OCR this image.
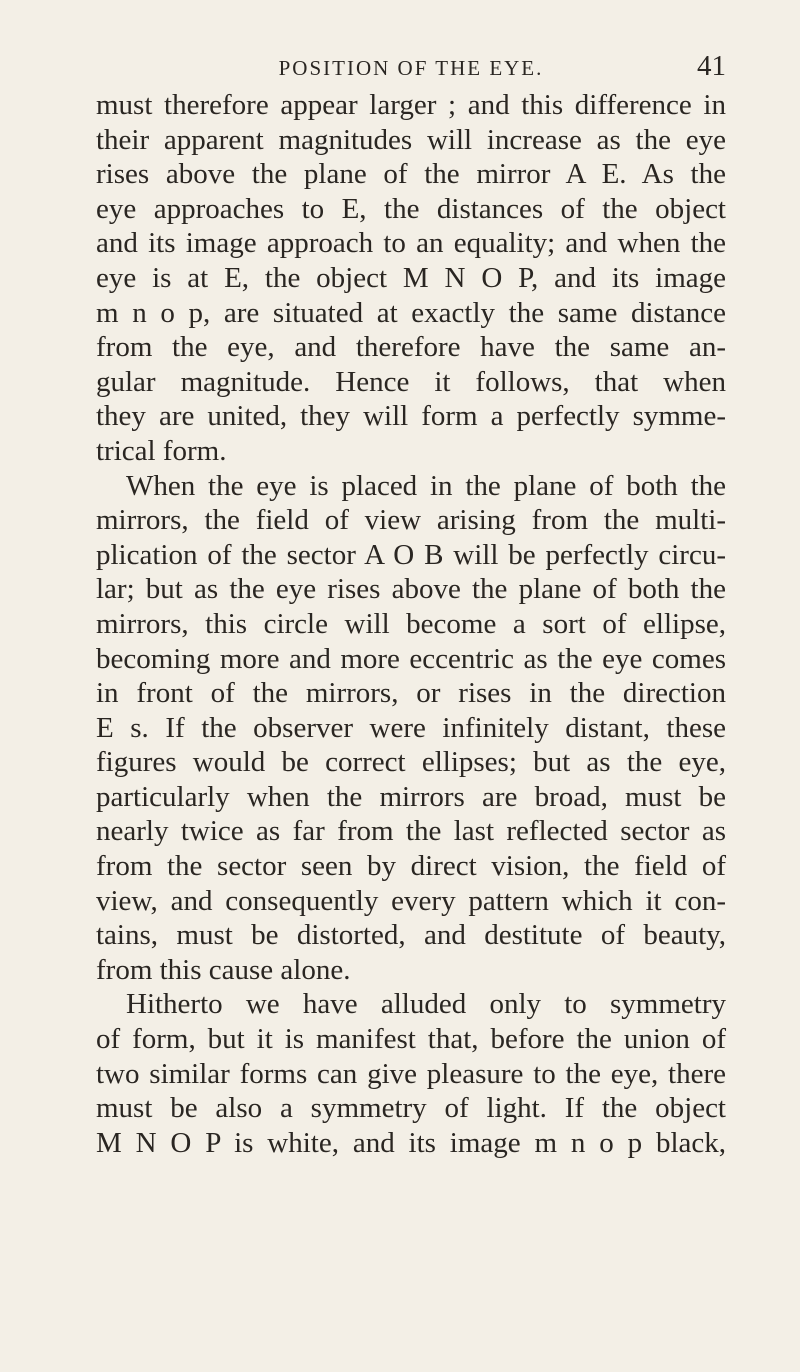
POSITION OF THE EYE.	41

must therefore appear larger ; and this difference in
their apparent magnitudes will increase as the eye
rises above the plane of the mirror A E. As the
eye approaches to E, the distances of the object
and its image approach to an equality; and when the
eye is at E, the object M N O P, and its image
m n o p, are situated at exactly the same distance
from the eye, and therefore have the same an-
gular magnitude. Hence it follows, that when
they are united, they will form a perfectly symme-
trical form.

When the eye is placed in the plane of both the
mirrors, the field of view arising from the multi-
plication of the sector A O B will be perfectly circu-
lar; but as the eye rises above the plane of both the
mirrors, this circle will become a sort of ellipse,
becoming more and more eccentric as the eye comes
in front of the mirrors, or rises in the direction
E s. If the observer were infinitely distant, these
figures would be correct ellipses; but as the eye,
particularly when the mirrors are broad, must be
nearly twice as far from the last reflected sector as
from the sector seen by direct vision, the field of
view, and consequently every pattern which it con-
tains, must be distorted, and destitute of beauty,
from this cause alone.

Hitherto we have alluded only to symmetry
of form, but it is manifest that, before the union of
two similar forms can give pleasure to the eye, there
must be also a symmetry of light. If the object
M N O P is white, and its image m n o p black,
